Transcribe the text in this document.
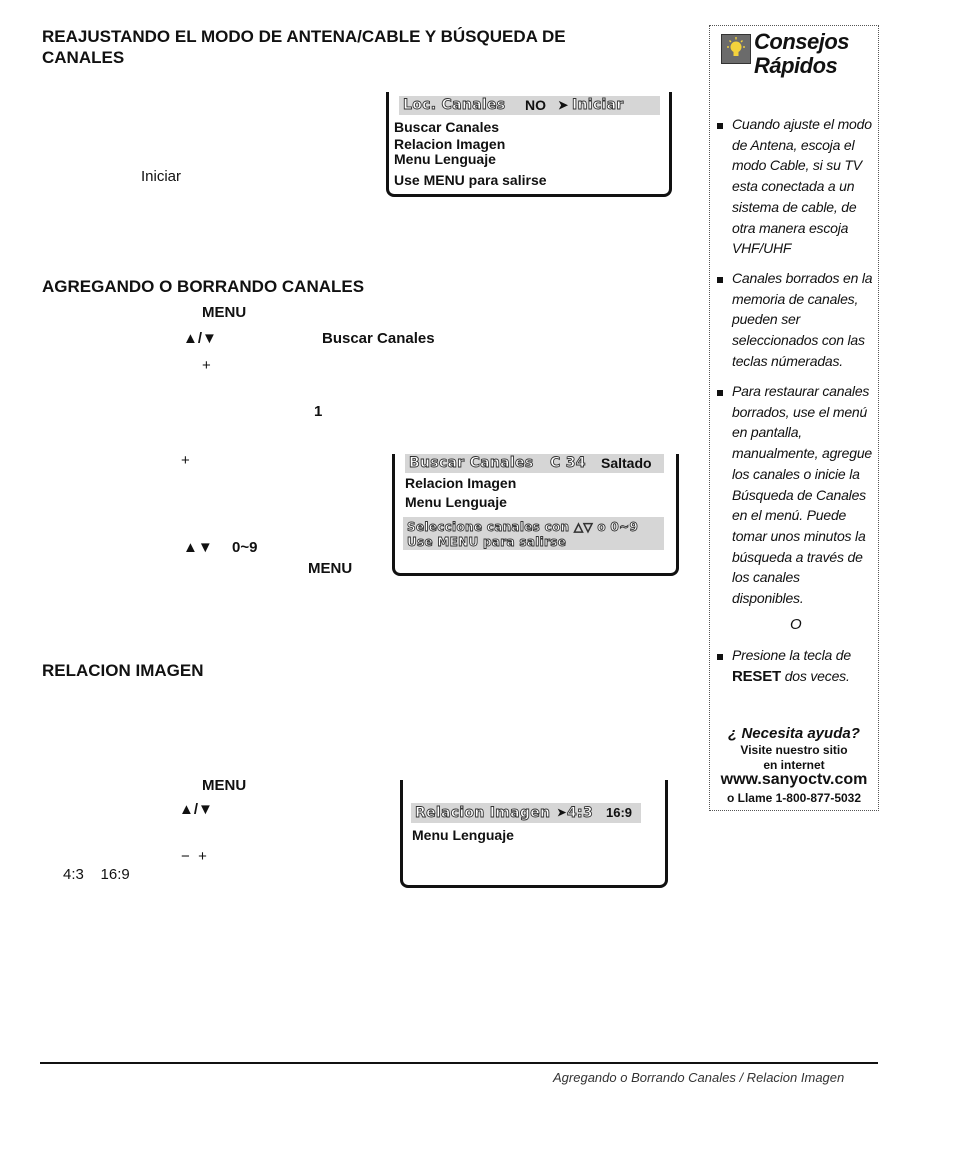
REAJUSTANDO EL MODO DE ANTENA/CABLE Y BÚSQUEDA DE CANALES
Iniciar
Loc. Canales NO ➤ Iniciar
Buscar Canales
Relacion Imagen
Menu Lenguaje
Use MENU para salirse
AGREGANDO O BORRANDO CANALES
MENU
▲/▼	Buscar Canales
+
1
+
▲▼ 0~9
MENU
Buscar Canales C 34 Saltado
Relacion Imagen
Menu Lenguaje
Seleccione canales con △▽ o 0~9
Use MENU para salirse
RELACION IMAGEN
MENU
▲/▼
−  +
4:3    16:9
Relacion Imagen ➤ 4:3 16:9
Menu Lenguaje
Consejos
Rápidos
Cuando ajuste el modo de Antena, escoja el modo Cable, si su TV esta conectada a un sistema de cable, de otra manera escoja VHF/UHF
Canales borrados en la memoria de canales, pueden ser seleccionados con las teclas númeradas.
Para restaurar canales borrados, use el menú en pantalla, manualmente, agregue los canales o inicie la Búsqueda de Canales en el menú. Puede tomar unos minutos la búsqueda a través de los canales disponibles.
O
Presione la tecla de
RESET dos veces.
¿ Necesita ayuda?
Visite nuestro sitio
en internet
www.sanyoctv.com
o Llame 1-800-877-5032
Agregando o Borrando Canales / Relacion Imagen
